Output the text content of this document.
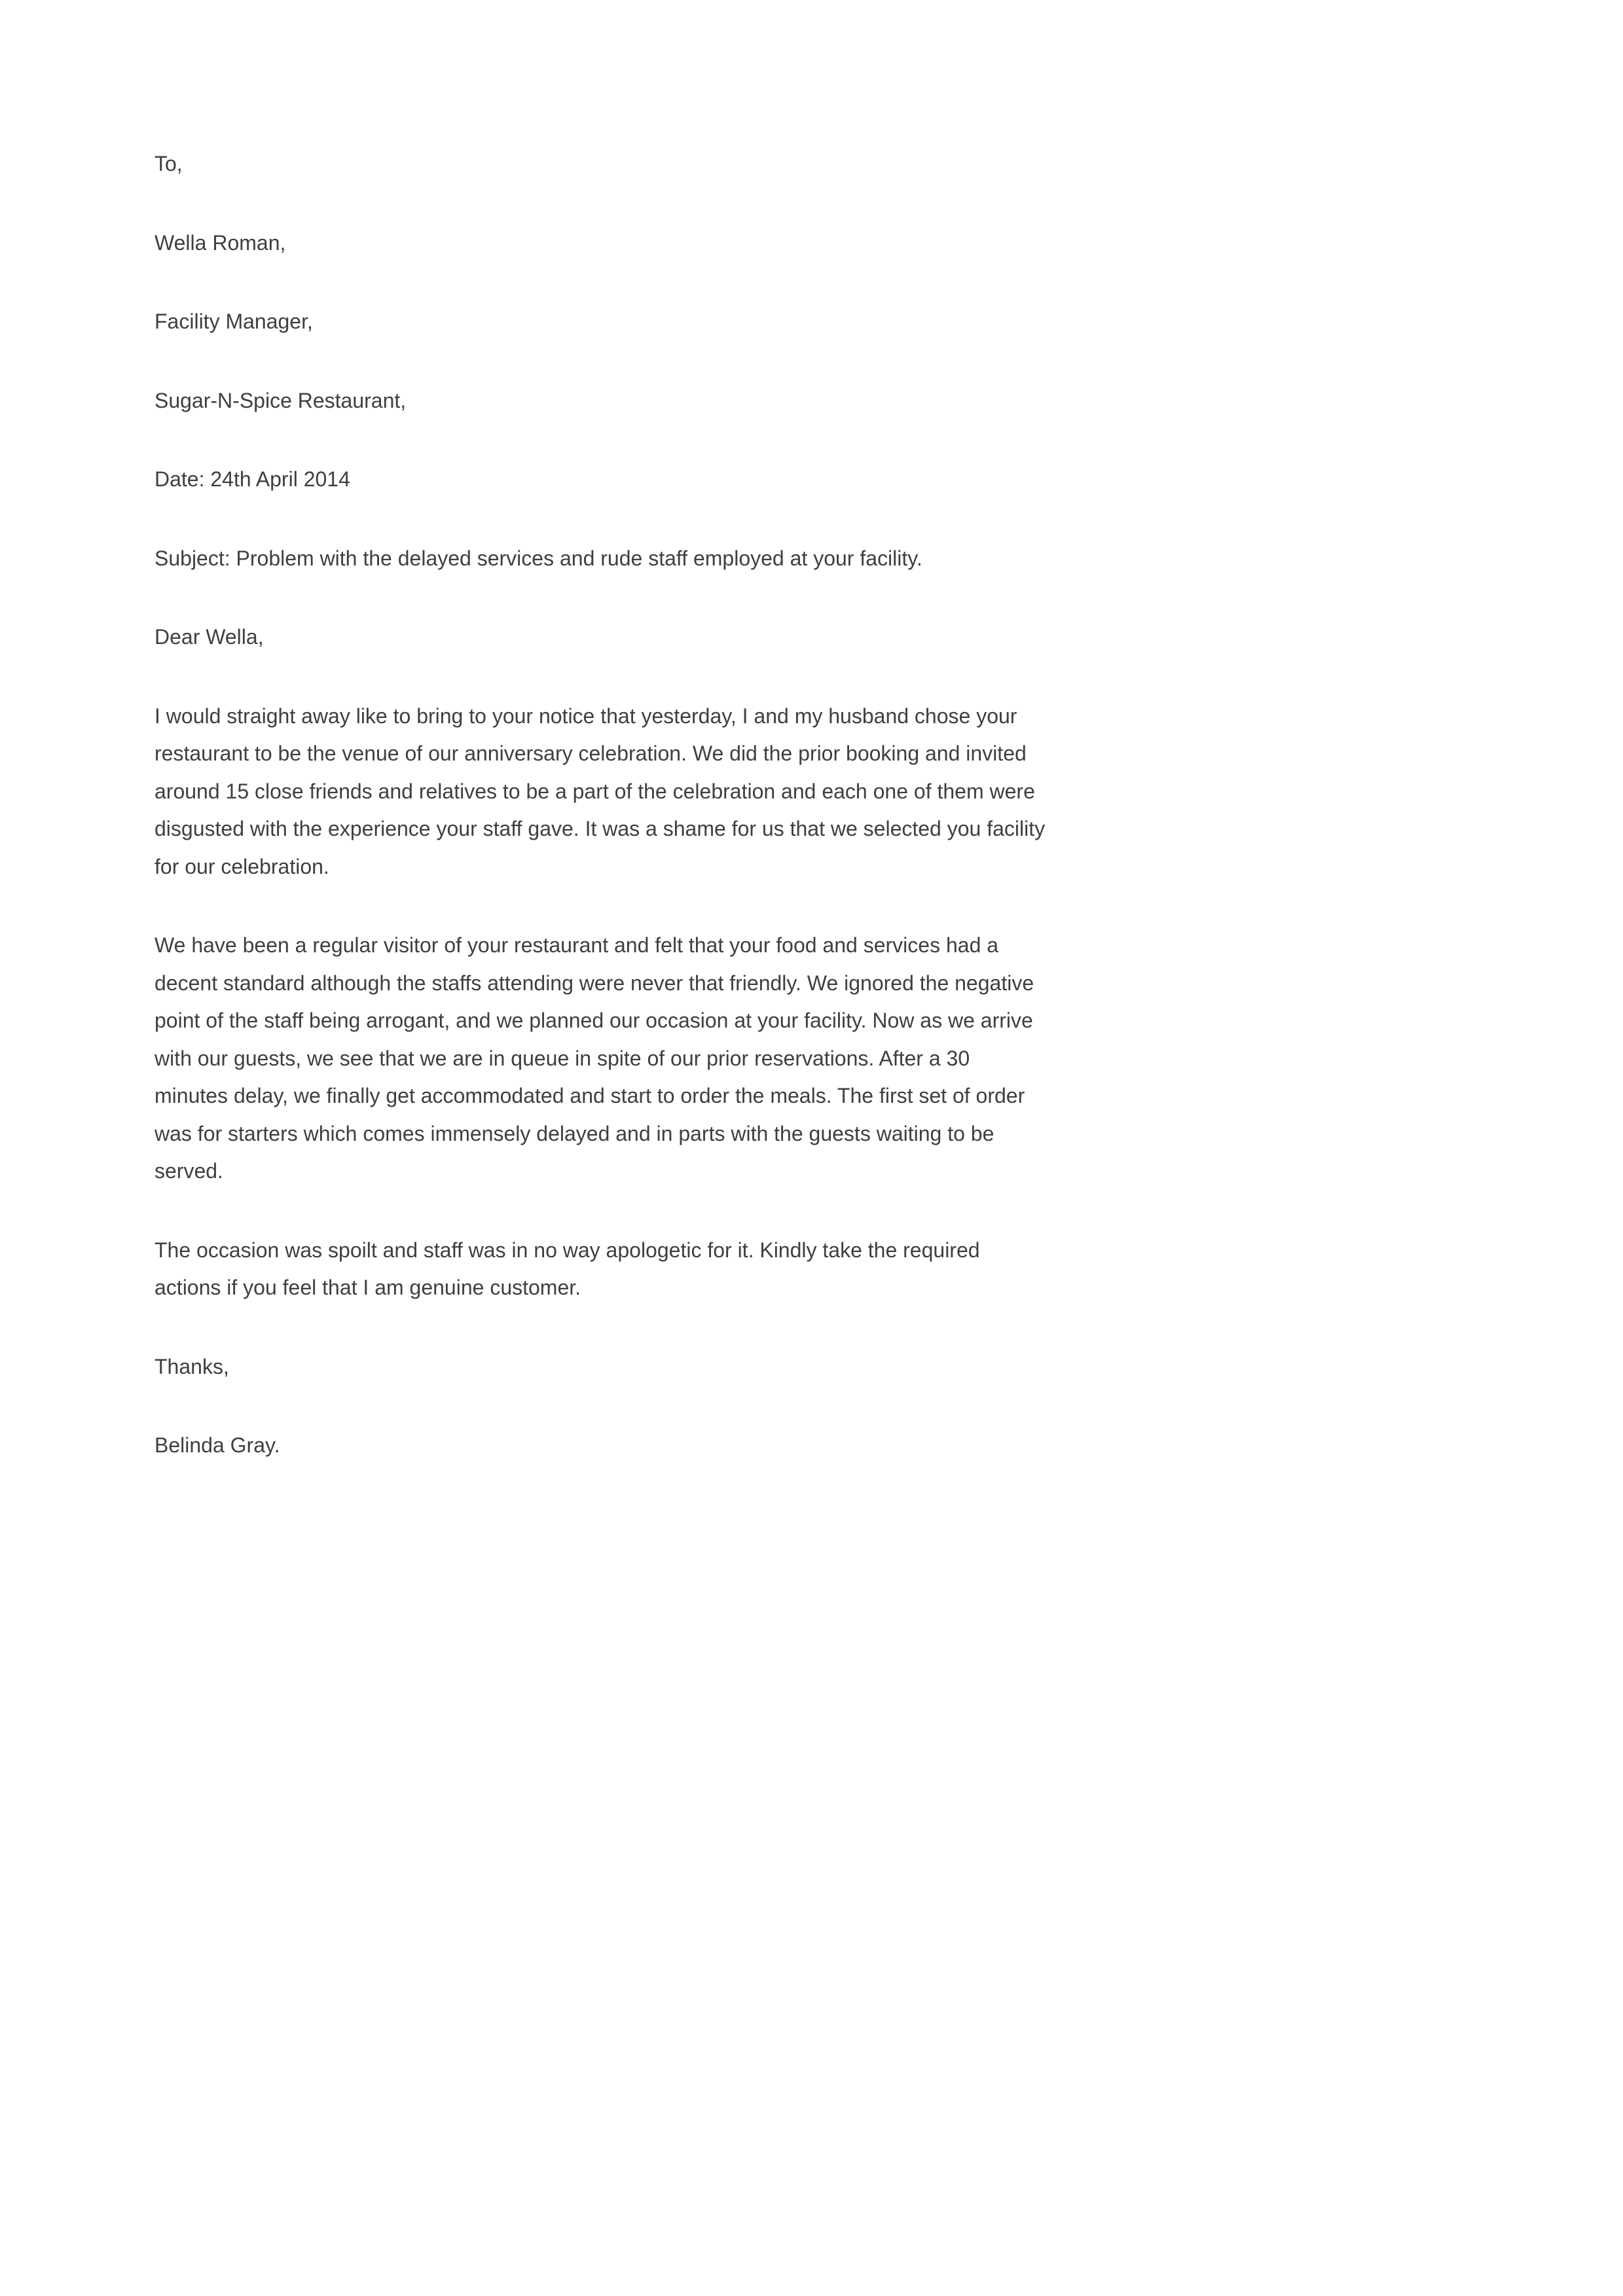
To,
Wella Roman,
Facility Manager,
Sugar-N-Spice Restaurant,
Date: 24th April 2014
Subject: Problem with the delayed services and rude staff employed at your facility.
Dear Wella,
I would straight away like to bring to your notice that yesterday, I and my husband chose your
restaurant to be the venue of our anniversary celebration. We did the prior booking and invited
around 15 close friends and relatives to be a part of the celebration and each one of them were
disgusted with the experience your staff gave. It was a shame for us that we selected you facility
for our celebration.
We have been a regular visitor of your restaurant and felt that your food and services had a
decent standard although the staffs attending were never that friendly. We ignored the negative
point of the staff being arrogant, and we planned our occasion at your facility. Now as we arrive
with our guests, we see that we are in queue in spite of our prior reservations. After a 30
minutes delay, we finally get accommodated and start to order the meals. The first set of order
was for starters which comes immensely delayed and in parts with the guests waiting to be
served.
The occasion was spoilt and staff was in no way apologetic for it. Kindly take the required
actions if you feel that I am genuine customer.
Thanks,
Belinda Gray.
